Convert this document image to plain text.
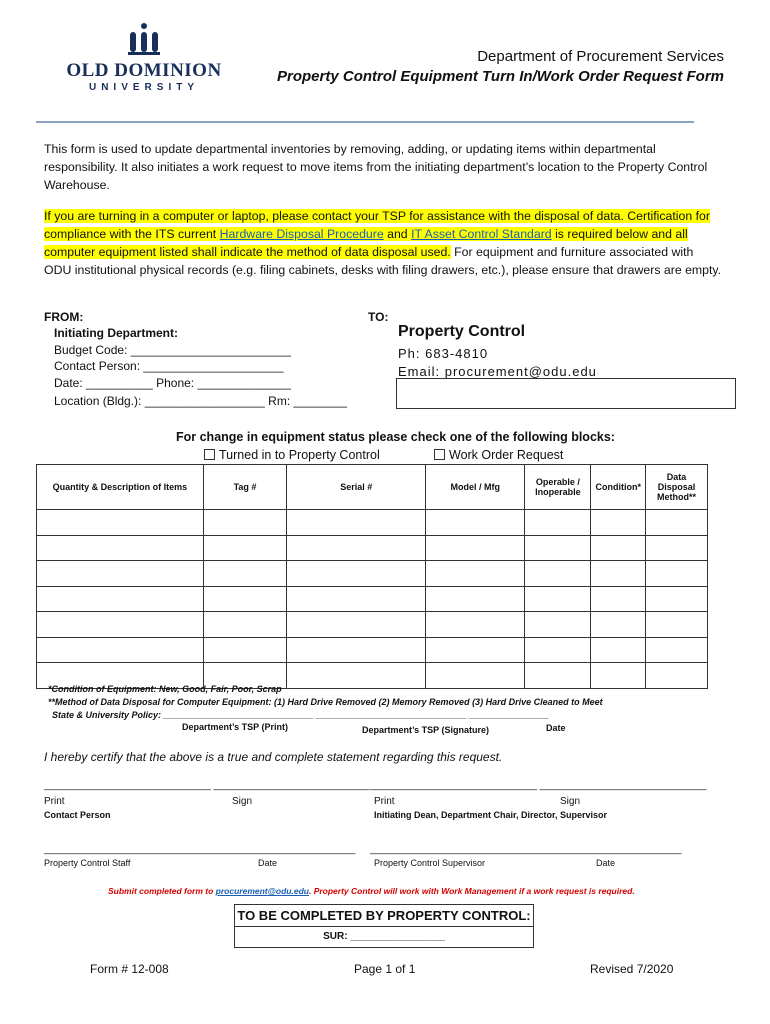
OLD DOMINION
UNIVERSITY
Department of Procurement Services
Property Control Equipment Turn In/Work Order Request Form
This form is used to update departmental inventories by removing, adding, or updating items within departmental responsibility. It also initiates a work request to move items from the initiating department’s location to the Property Control Warehouse.
If you are turning in a computer or laptop, please contact your TSP for assistance with the disposal of data. Certification for compliance with the ITS current Hardware Disposal Procedure and IT Asset Control Standard is required below and all computer equipment listed shall indicate the method of data disposal used. For equipment and furniture associated with ODU institutional physical records (e.g. filing cabinets, desks with filing drawers, etc.), please ensure that drawers are empty.
FROM:
Initiating Department:
Budget Code: ________________________
Contact Person: _____________________
Date: __________ Phone: ______________
Location (Bldg.): __________________ Rm: ________
TO:
Property Control
Ph: 683-4810
Email: procurement@odu.edu
For change in equipment status please check one of the following blocks:
Turned in to Property Control	Work Order Request
Quantity & Description of Items	Tag #	Serial #	Model / Mfg	Operable / Inoperable	Condition*	Data Disposal Method**

*Condition of Equipment: New, Good, Fair, Poor, Scrap
**Method of Data Disposal for Computer Equipment: (1) Hard Drive Removed (2) Memory Removed (3) Hard Drive Cleaned to Meet
State & University Policy: ______________________________ ______________________________ ________________
Department’s TSP (Print)	Department’s TSP (Signature)	Date
I hereby certify that the above is a true and complete statement regarding this request.
______________________________ ____________________________ ______________________________ ______________________________
Print	Sign	Print	Sign
Contact Person	Initiating Dean, Department Chair, Director, Supervisor
________________________________________________________ ________________________________________________________
Property Control Staff	Date	Property Control Supervisor	Date
Submit completed form to procurement@odu.edu. Property Control will work with Work Management if a work request is required.
TO BE COMPLETED BY PROPERTY CONTROL:
SUR: _________________
Form # 12-008	Page 1 of 1	Revised 7/2020
